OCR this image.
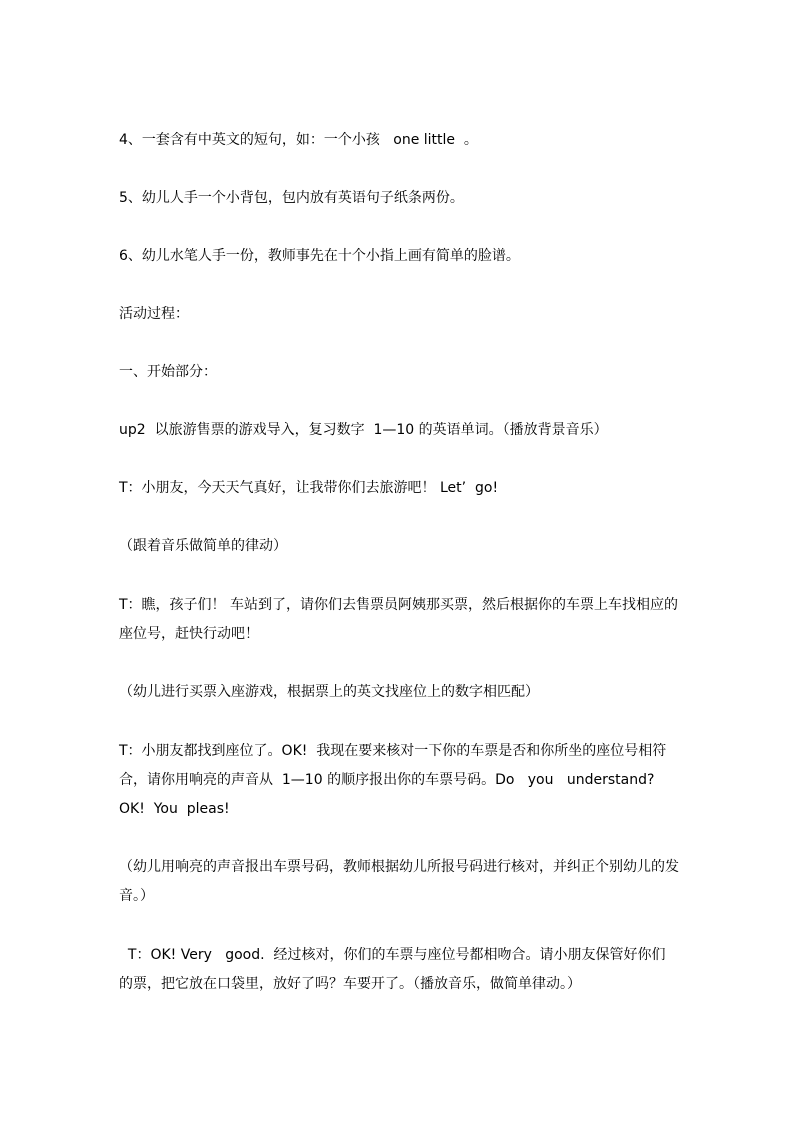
4、一套含有中英文的短句，如：一个小孩   one little  。

5、幼儿人手一个小背包，包内放有英语句子纸条两份。

6、幼儿水笔人手一份，教师事先在十个小指上画有简单的脸谱。

活动过程：

一、开始部分：

up2  以旅游售票的游戏导入，复习数字  1—10 的英语单词。（播放背景音乐）

T：小朋友，今天天气真好，让我带你们去旅游吧！ Let’  go!

（跟着音乐做简单的律动）

T：瞧，孩子们！ 车站到了，请你们去售票员阿姨那买票，然后根据你的车票上车找相应的座位号，赶快行动吧！

（幼儿进行买票入座游戏，根据票上的英文找座位上的数字相匹配）

T：小朋友都找到座位了。OK!  我现在要来核对一下你的车票是否和你所坐的座位号相符合，请你用响亮的声音从  1—10 的顺序报出你的车票号码。Do   you   understand?OK!  You  pleas!

（幼儿用响亮的声音报出车票号码，教师根据幼儿所报号码进行核对，并纠正个别幼儿的发音。）

T：OK! Very   good.  经过核对，你们的车票与座位号都相吻合。请小朋友保管好你们的票，把它放在口袋里，放好了吗？车要开了。（播放音乐，做简单律动。）
